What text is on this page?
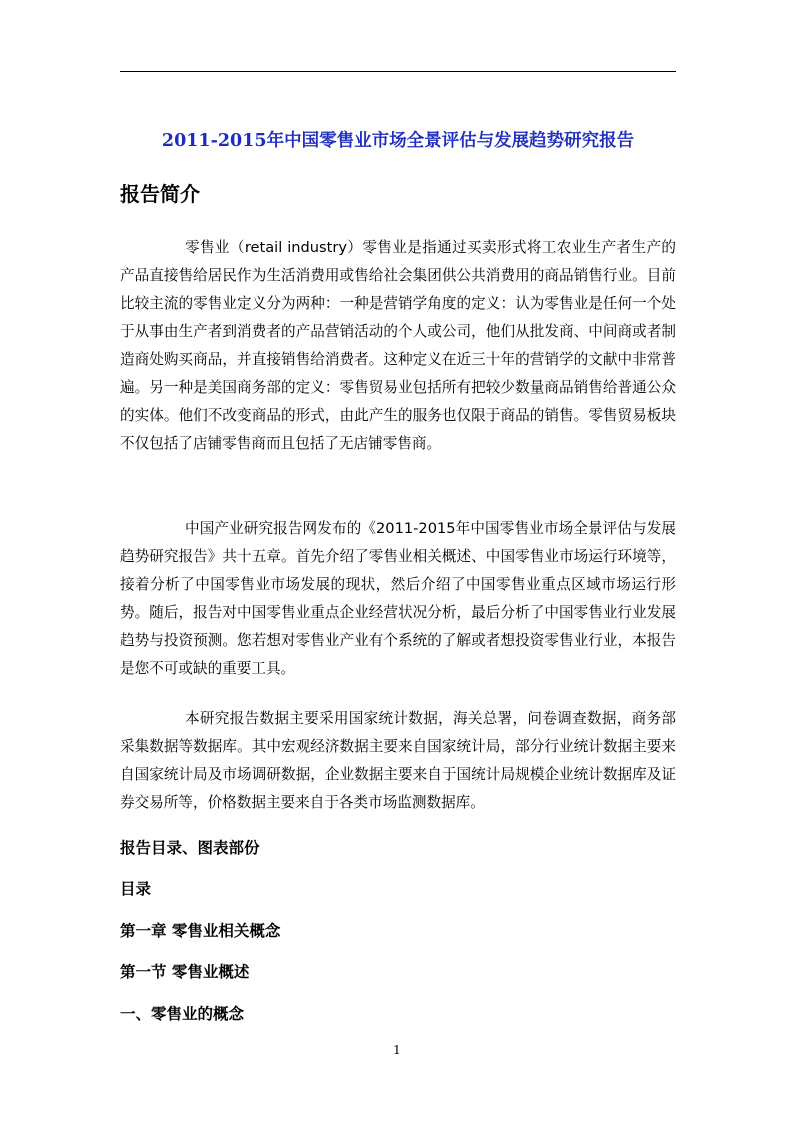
2011-2015年中国零售业市场全景评估与发展趋势研究报告
报告简介
零售业（retail industry）零售业是指通过买卖形式将工农业生产者生产的产品直接售给居民作为生活消费用或售给社会集团供公共消费用的商品销售行业。目前比较主流的零售业定义分为两种：一种是营销学角度的定义：认为零售业是任何一个处于从事由生产者到消费者的产品营销活动的个人或公司，他们从批发商、中间商或者制造商处购买商品，并直接销售给消费者。这种定义在近三十年的营销学的文献中非常普遍。另一种是美国商务部的定义：零售贸易业包括所有把较少数量商品销售给普通公众的实体。他们不改变商品的形式，由此产生的服务也仅限于商品的销售。零售贸易板块不仅包括了店铺零售商而且包括了无店铺零售商。
中国产业研究报告网发布的《2011-2015年中国零售业市场全景评估与发展趋势研究报告》共十五章。首先介绍了零售业相关概述、中国零售业市场运行环境等，接着分析了中国零售业市场发展的现状，然后介绍了中国零售业重点区域市场运行形势。随后，报告对中国零售业重点企业经营状况分析，最后分析了中国零售业行业发展趋势与投资预测。您若想对零售业产业有个系统的了解或者想投资零售业行业，本报告是您不可或缺的重要工具。
本研究报告数据主要采用国家统计数据，海关总署，问卷调查数据，商务部采集数据等数据库。其中宏观经济数据主要来自国家统计局，部分行业统计数据主要来自国家统计局及市场调研数据，企业数据主要来自于国统计局规模企业统计数据库及证券交易所等，价格数据主要来自于各类市场监测数据库。
报告目录、图表部份
目录
第一章 零售业相关概念
第一节 零售业概述
一、零售业的概念
1
